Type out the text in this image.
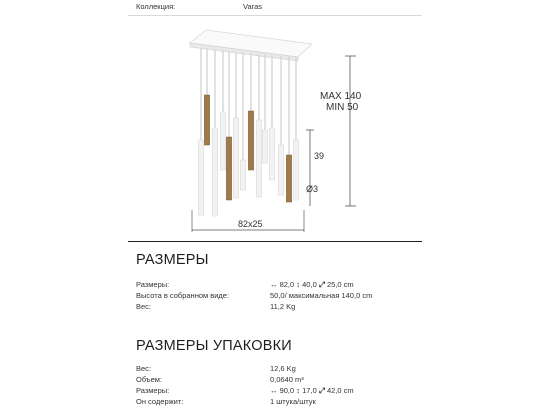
Коллекция:	Varas
MAX 140
MIN 50
39
Ø3
82x25
РАЗМЕРЫ
Размеры:	↔ 82,0 ↕ 40,0 ⤢ 25,0 cm
Высота в собранном виде:	50,0/ максимальная 140,0 cm
Вес:	11,2 Kg
РАЗМЕРЫ УПАКОВКИ
Вес:	12,6 Kg
Объем:	0,0640 m³
Размеры:	↔ 90,0 ↕ 17,0 ⤢ 42,0 cm
Он содержит:	1 штука/штук
